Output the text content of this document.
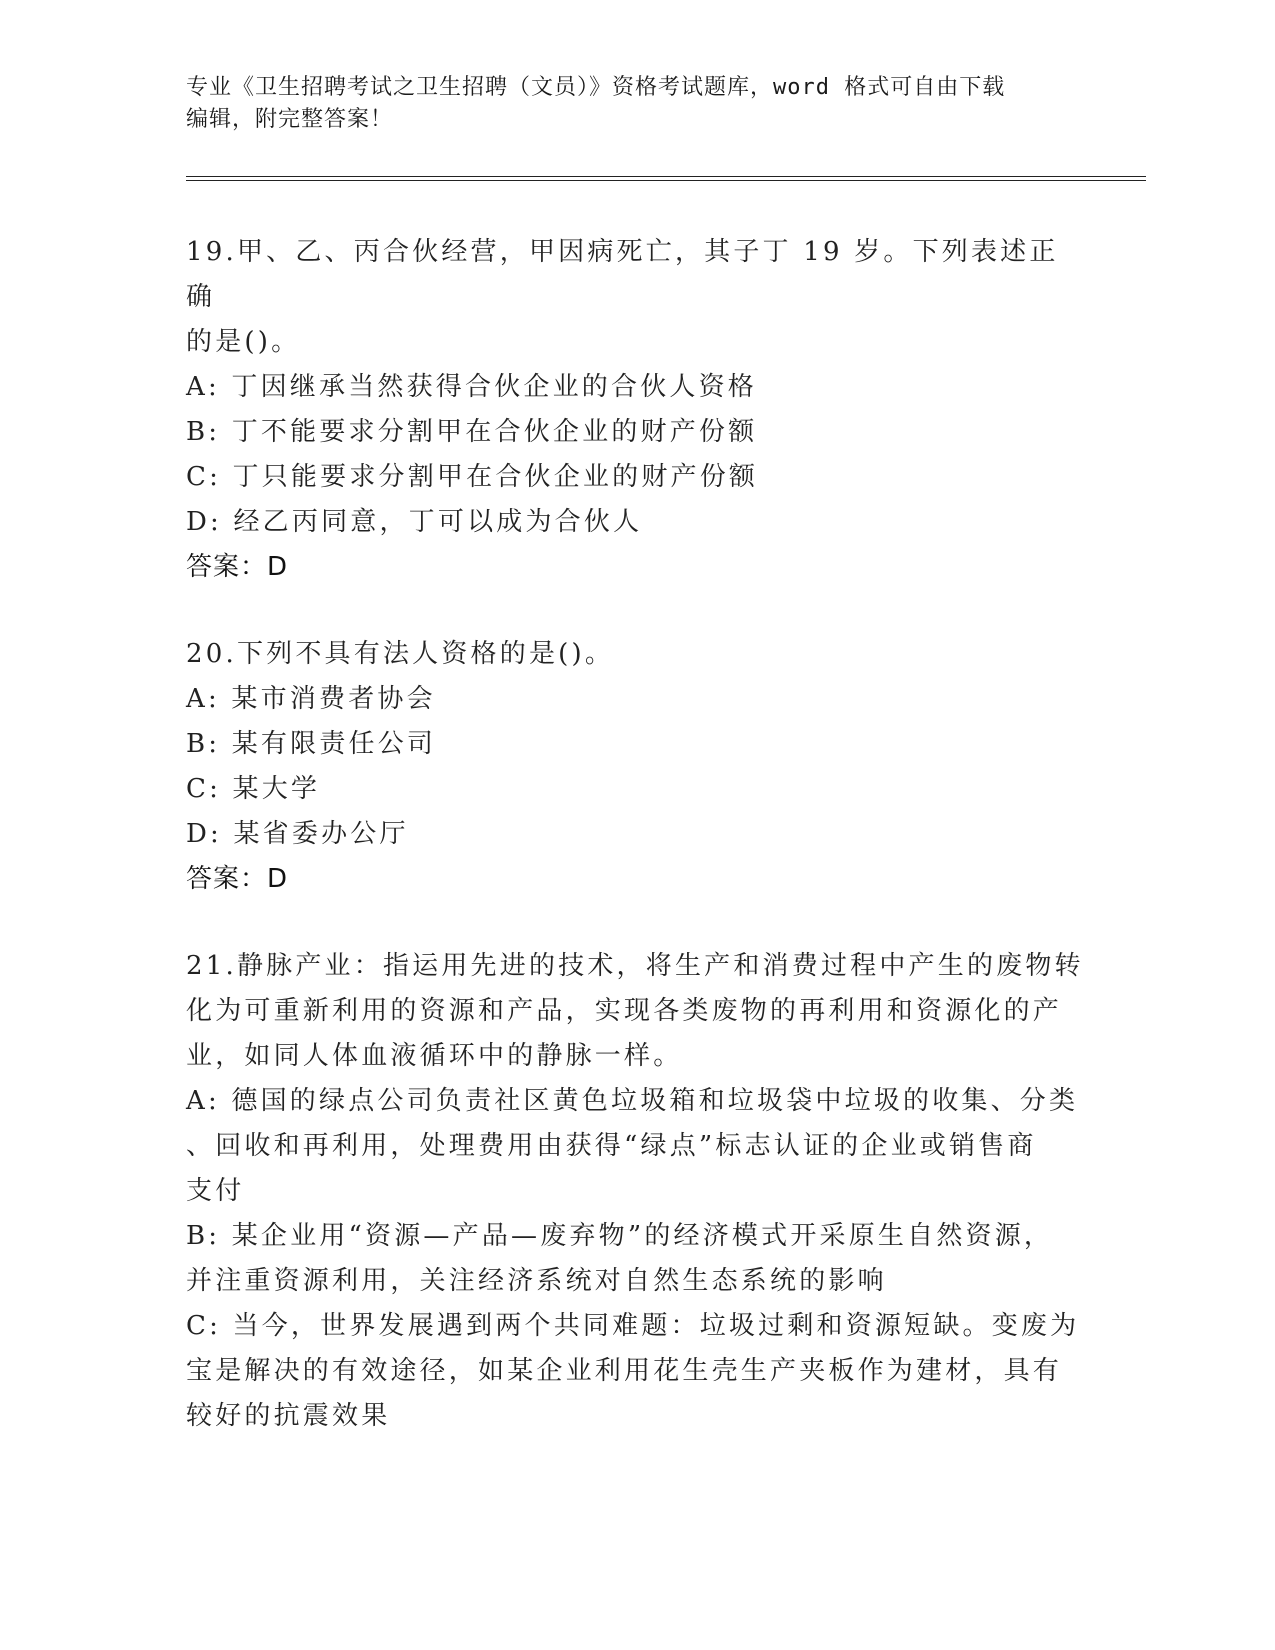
专业《卫生招聘考试之卫生招聘（文员）》资格考试题库，word 格式可自由下载
编辑，附完整答案！
19.甲、乙、丙合伙经营，甲因病死亡，其子丁 19 岁。下列表述正确
的是()。
A: 丁因继承当然获得合伙企业的合伙人资格
B: 丁不能要求分割甲在合伙企业的财产份额
C: 丁只能要求分割甲在合伙企业的财产份额
D: 经乙丙同意，丁可以成为合伙人
答案：D
20.下列不具有法人资格的是()。
A: 某市消费者协会
B: 某有限责任公司
C: 某大学
D: 某省委办公厅
答案：D
21.静脉产业：指运用先进的技术，将生产和消费过程中产生的废物转
化为可重新利用的资源和产品，实现各类废物的再利用和资源化的产
业，如同人体血液循环中的静脉一样。
A: 德国的绿点公司负责社区黄色垃圾箱和垃圾袋中垃圾的收集、分类
、回收和再利用，处理费用由获得“绿点”标志认证的企业或销售商
支付
B: 某企业用“资源—产品—废弃物”的经济模式开采原生自然资源，
并注重资源利用，关注经济系统对自然生态系统的影响
C: 当今，世界发展遇到两个共同难题：垃圾过剩和资源短缺。变废为
宝是解决的有效途径，如某企业利用花生壳生产夹板作为建材，具有
较好的抗震效果
